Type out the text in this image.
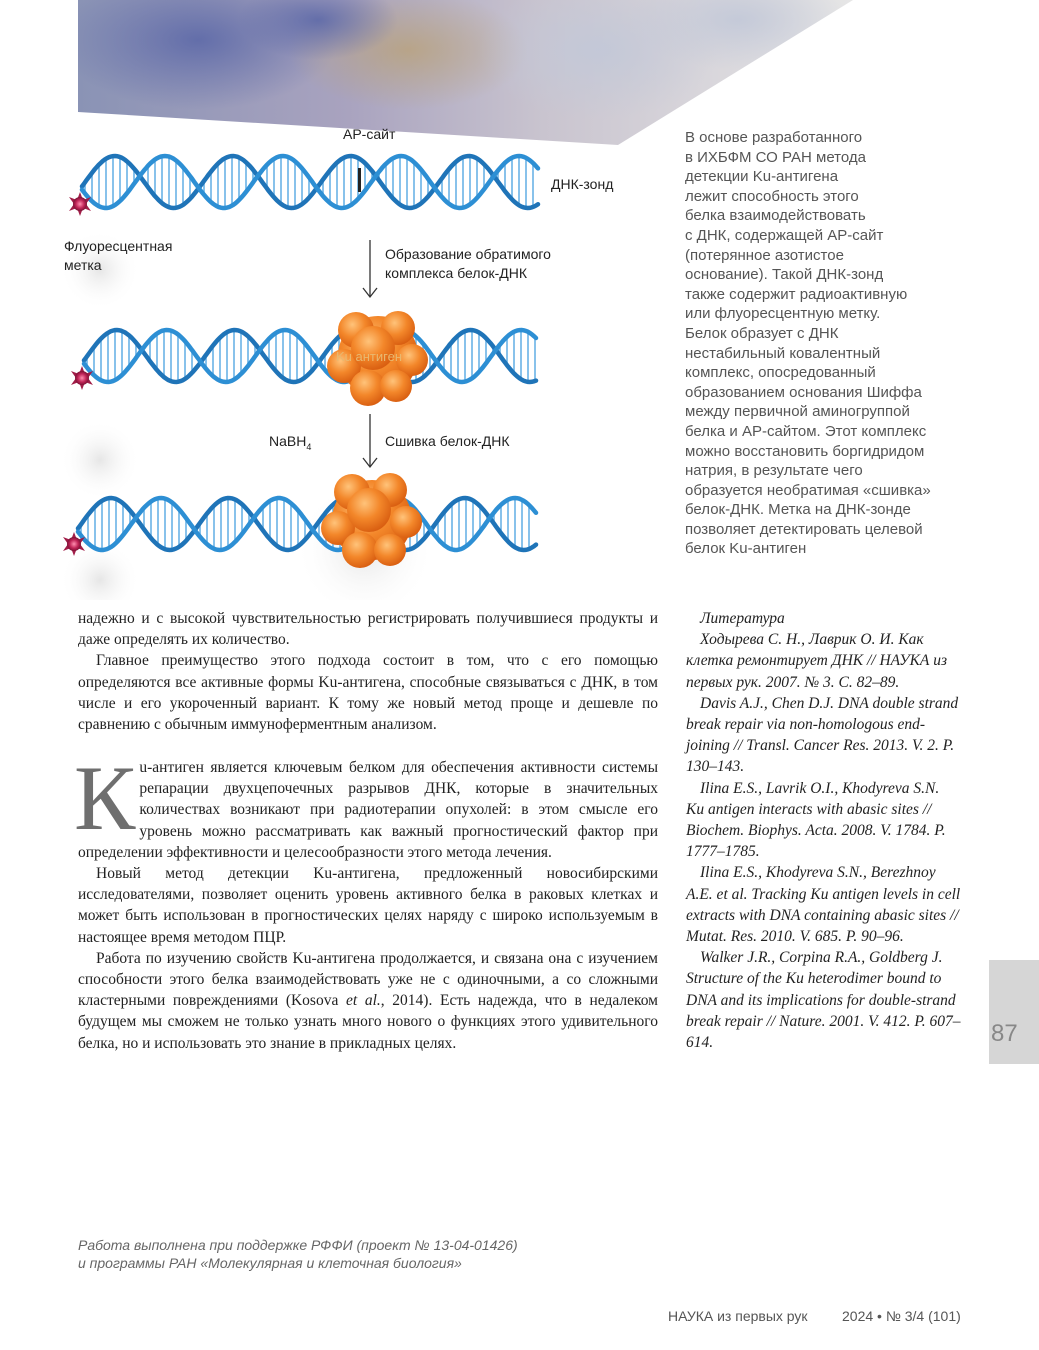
АР-сайт
ДНК-зонд
Флуоресцентная
метка
Образование обратимого
комплекса белок-ДНК
Ku антиген
NaBH$_4$	Сшивка белок-ДНК

В основе разработанного
в ИХБФМ СО РАН метода
детекции Ku-антигена
лежит способность этого
белка взаимодействовать
с ДНК, содержащей АР-сайт
(потерянное азотистое
основание). Такой ДНК-зонд
также содержит радиоактивную
или флуоресцентную метку.
Белок образует с ДНК
нестабильный ковалентный
комплекс, опосредованный
образованием основания Шиффа
между первичной аминогруппой
белка и АР-сайтом. Этот комплекс
можно восстановить боргидридом
натрия, в результате чего
образуется необратимая «сшивка»
белок-ДНК. Метка на ДНК-зонде
позволяет детектировать целевой
белок Ku-антиген

надежно и с высокой чувствительностью регистрировать получившиеся продукты и даже определять их количество.

Главное преимущество этого подхода состоит в том, что с его помощью определяются все активные формы Ku-антигена, способные связываться с ДНК, в том числе и его укороченный вариант. К тому же новый метод проще и дешевле по сравнению с обычным иммуноферментным анализом.

Кu-антиген является ключевым белком для обеспечения активности системы репарации двухцепочечных разрывов ДНК, которые в значительных количествах возникают при радиотерапии опухолей: в этом смысле его уровень можно рассматривать как важный прогностический фактор при определении эффективности и целесообразности этого метода лечения.

Новый метод детекции Ku-антигена, предложенный новосибирскими исследователями, позволяет оценить уровень активного белка в раковых клетках и может быть использован в прогностических целях наряду с широко используемым в настоящее время методом ПЦР.

Работа по изучению свойств Ku-антигена продолжается, и связана она с изучением способности этого белка взаимодействовать уже не с одиночными, а со сложными кластерными повреждениями (Kosova et al., 2014). Есть надежда, что в недалеком будущем мы сможем не только узнать много нового о функциях этого удивительного белка, но и использовать это знание в прикладных целях.

Литература

Ходырева С. Н., Лаврик О. И. Как клетка ремонтирует ДНК // НАУКА из первых рук. 2007. № 3. С. 82–89.

Davis A.J., Chen D.J. DNA double strand break repair via non-homologous end-joining // Transl. Cancer Res. 2013. V. 2. P. 130–143.

Ilina E.S., Lavrik O.I., Khodyreva S.N. Ku antigen interacts with abasic sites // Biochem. Biophys. Acta. 2008. V. 1784. P. 1777–1785.

Ilina E.S., Khodyreva S.N., Berezhnoy A.E. et al. Tracking Ku antigen levels in cell extracts with DNA containing abasic sites // Mutat. Res. 2010. V. 685. P. 90–96.

Walker J.R., Corpina R.A., Goldberg J. Structure of the Ku heterodimer bound to DNA and its implications for double-strand break repair // Nature. 2001. V. 412. P. 607–614.	87
Работа выполнена при поддержке РФФИ (проект № 13-04-01426)
и программы РАН «Молекулярная и клеточная биология»
НАУКА из первых рук 2024 • № 3/4 (101)
